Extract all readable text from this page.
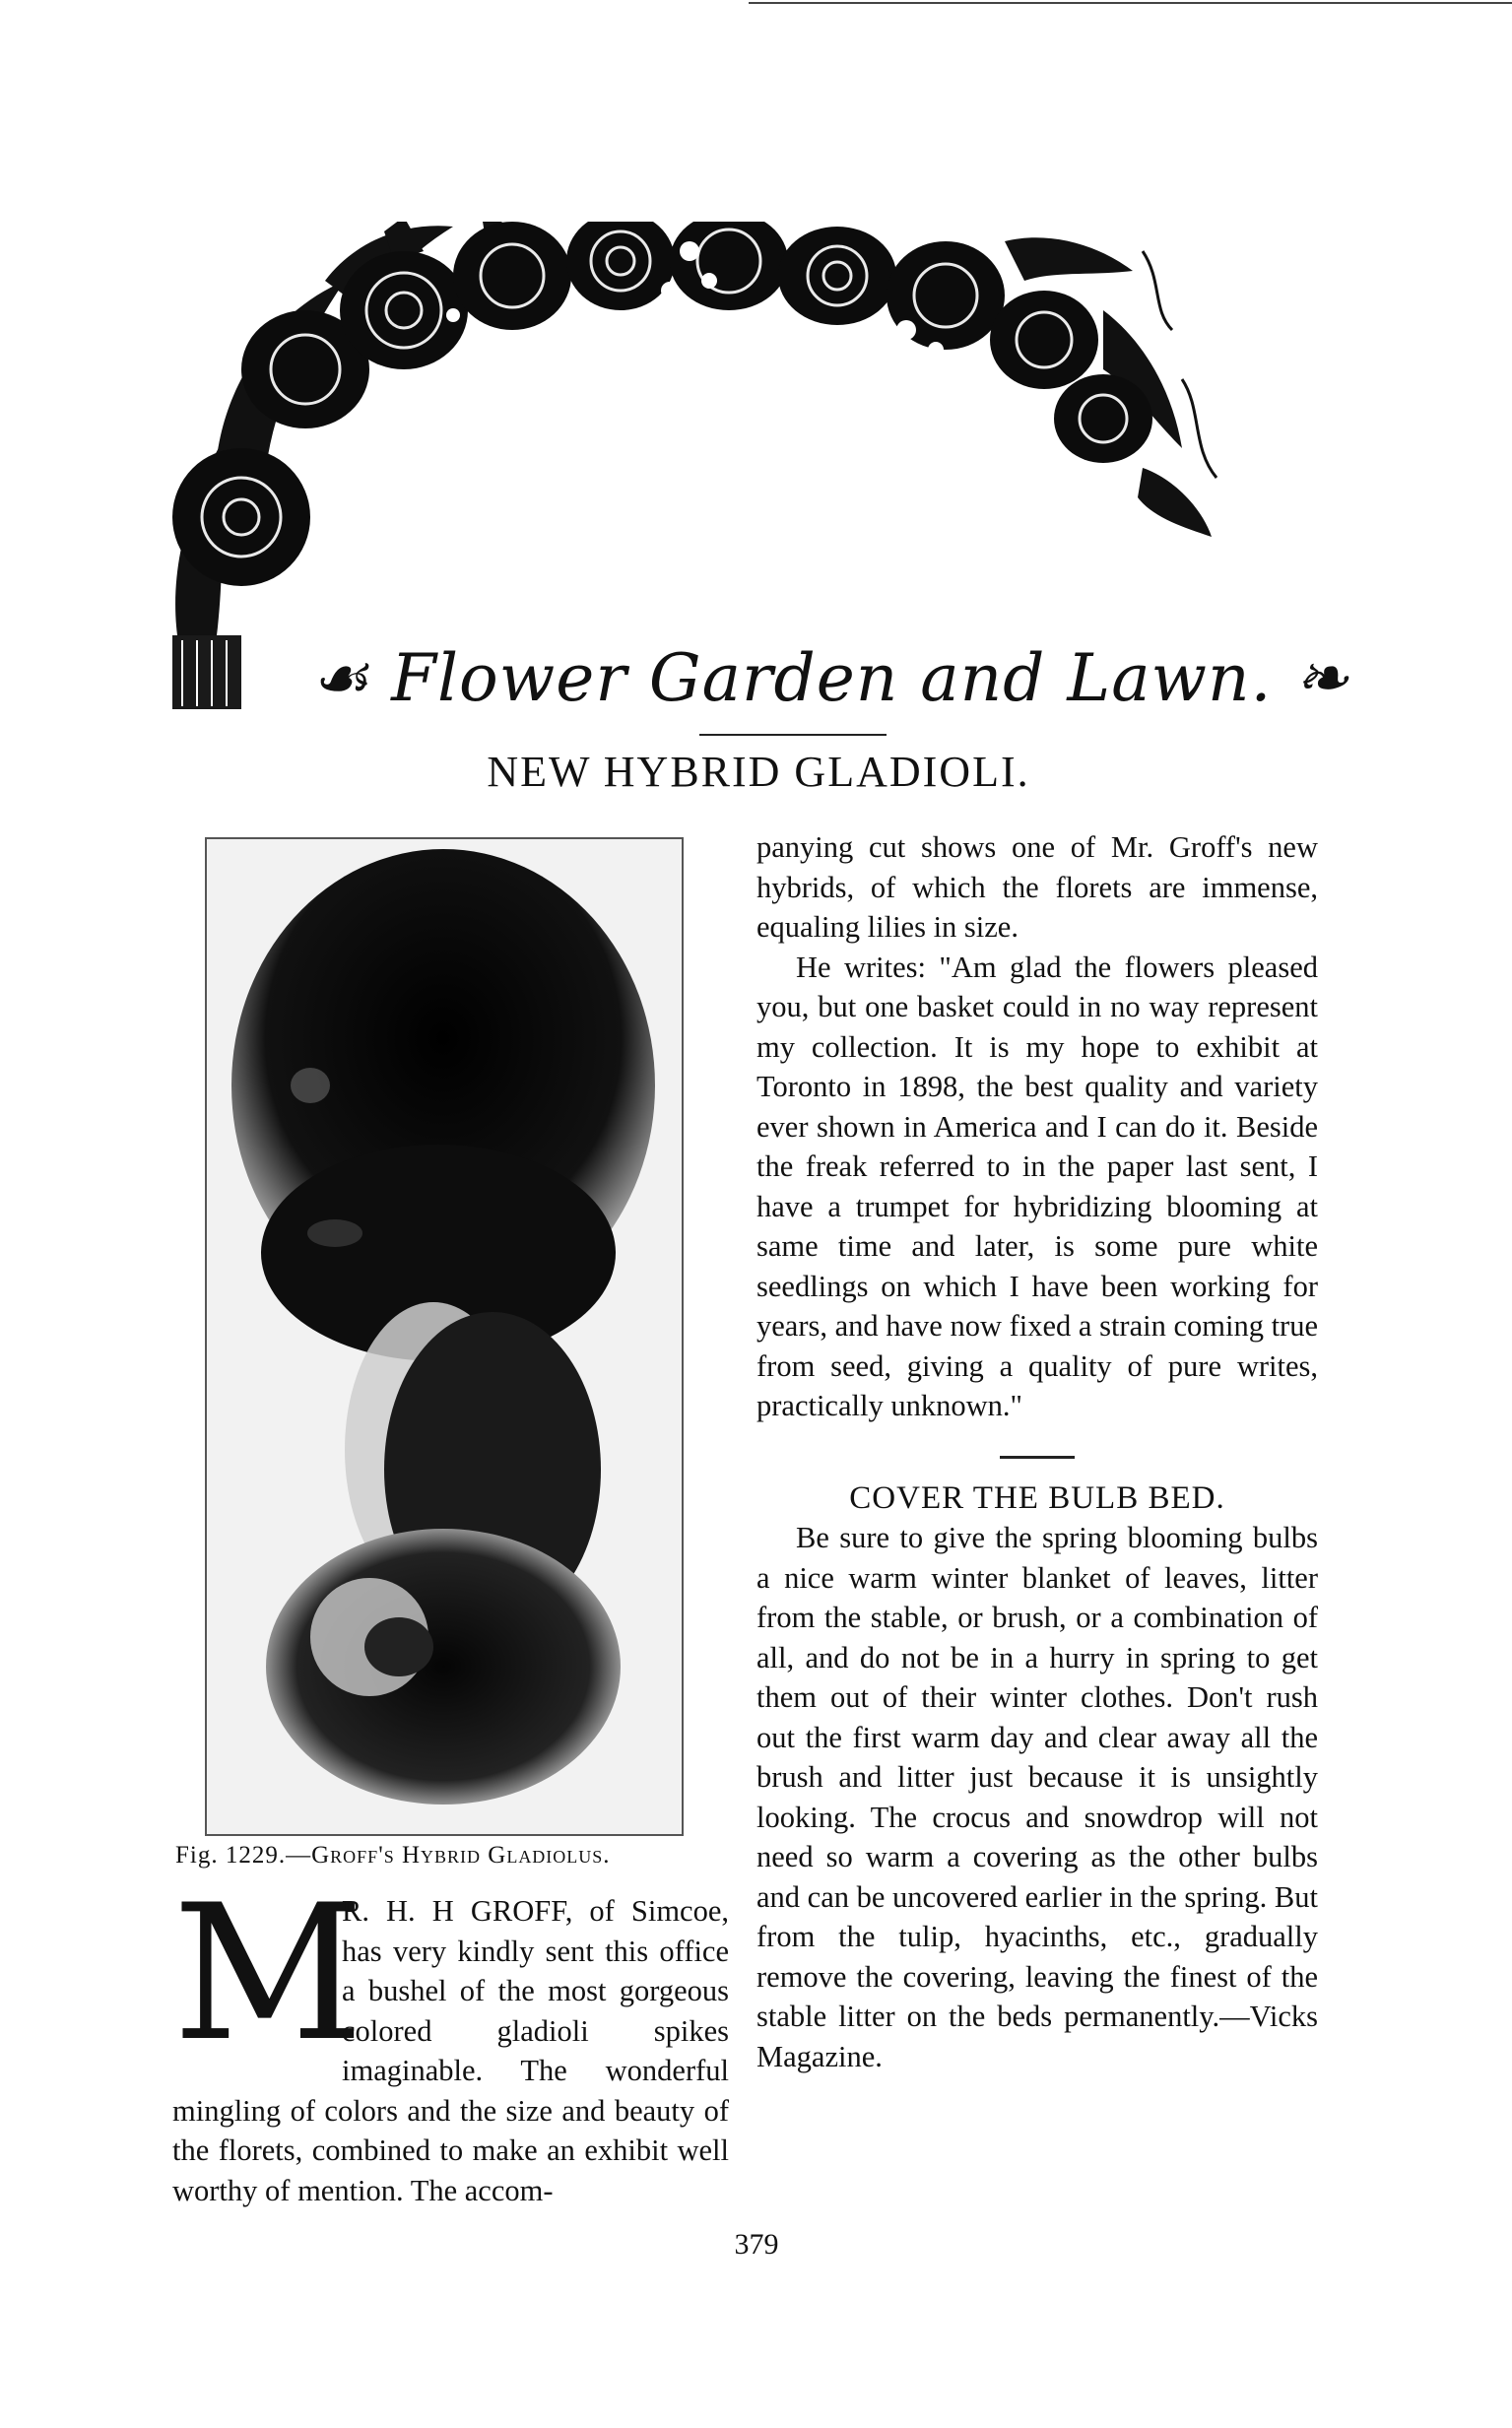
☙ Flower Garden and Lawn. ❧
NEW HYBRID GLADIOLI.
Fig. 1229.—Groff's Hybrid Gladiolus.
M

R. H. H GROFF, of Simcoe, has very kindly sent this office a bushel of the most gorgeous colored gladioli spikes imaginable. The wonderful mingling of colors and the size and beauty of the florets, combined to make an exhibit well worthy of mention. The accom-

panying cut shows one of Mr. Groff's new hybrids, of which the florets are immense, equaling lilies in size.

He writes: "Am glad the flowers pleased you, but one basket could in no way represent my collection. It is my hope to exhibit at Toronto in 1898, the best quality and variety ever shown in America and I can do it. Beside the freak referred to in the paper last sent, I have a trumpet for hybridizing blooming at same time and later, is some pure white seedlings on which I have been working for years, and have now fixed a strain coming true from seed, giving a quality of pure writes, practically unknown."

COVER THE BULB BED.

Be sure to give the spring blooming bulbs a nice warm winter blanket of leaves, litter from the stable, or brush, or a combination of all, and do not be in a hurry in spring to get them out of their winter clothes. Don't rush out the first warm day and clear away all the brush and litter just because it is unsightly looking. The crocus and snowdrop will not need so warm a covering as the other bulbs and can be uncovered earlier in the spring. But from the tulip, hyacinths, etc., gradually remove the covering, leaving the finest of the stable litter on the beds permanently.—Vicks Magazine.

379
